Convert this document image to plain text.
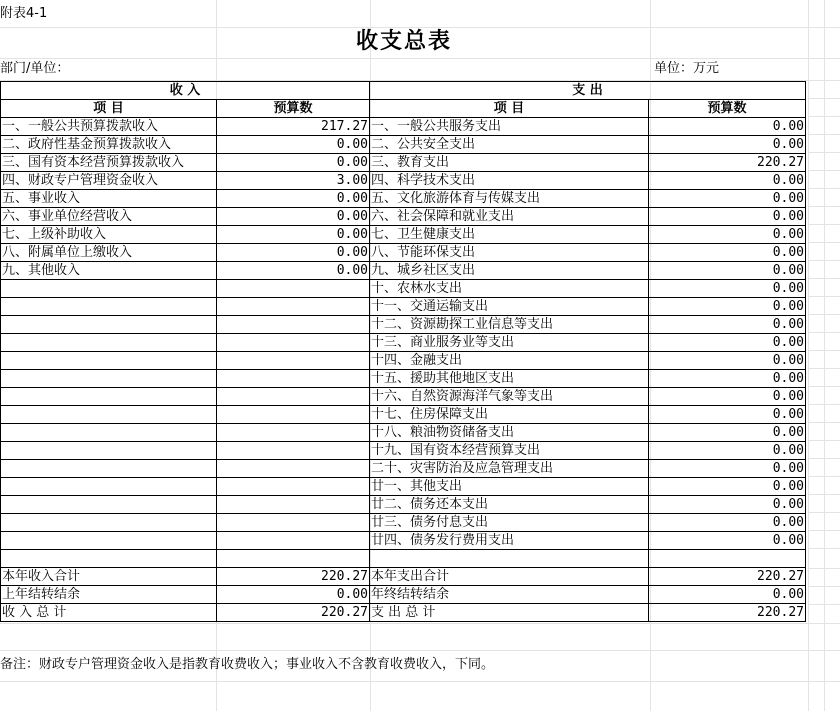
附表4-1
收支总表
部门/单位：	单位：万元
收 入		支 出	
项 目	预算数	项 目	预算数
一、一般公共预算拨款收入	217.27	一、一般公共服务支出	0.00
二、政府性基金预算拨款收入	0.00	二、公共安全支出	0.00
三、国有资本经营预算拨款收入	0.00	三、教育支出	220.27
四、财政专户管理资金收入	3.00	四、科学技术支出	0.00
五、事业收入	0.00	五、文化旅游体育与传媒支出	0.00
六、事业单位经营收入	0.00	六、社会保障和就业支出	0.00
七、上级补助收入	0.00	七、卫生健康支出	0.00
八、附属单位上缴收入	0.00	八、节能环保支出	0.00
九、其他收入	0.00	九、城乡社区支出	0.00
		十、农林水支出	0.00
		十一、交通运输支出	0.00
		十二、资源勘探工业信息等支出	0.00
		十三、商业服务业等支出	0.00
		十四、金融支出	0.00
		十五、援助其他地区支出	0.00
		十六、自然资源海洋气象等支出	0.00
		十七、住房保障支出	0.00
		十八、粮油物资储备支出	0.00
		十九、国有资本经营预算支出	0.00
		二十、灾害防治及应急管理支出	0.00
		廿一、其他支出	0.00
		廿二、债务还本支出	0.00
		廿三、债务付息支出	0.00
		廿四、债务发行费用支出	0.00

本年收入合计	220.27	本年支出合计	220.27
上年结转结余	0.00	年终结转结余	0.00
收 入 总 计	220.27	支 出 总 计	220.27
备注：财政专户管理资金收入是指教育收费收入；事业收入不含教育收费收入，下同。
